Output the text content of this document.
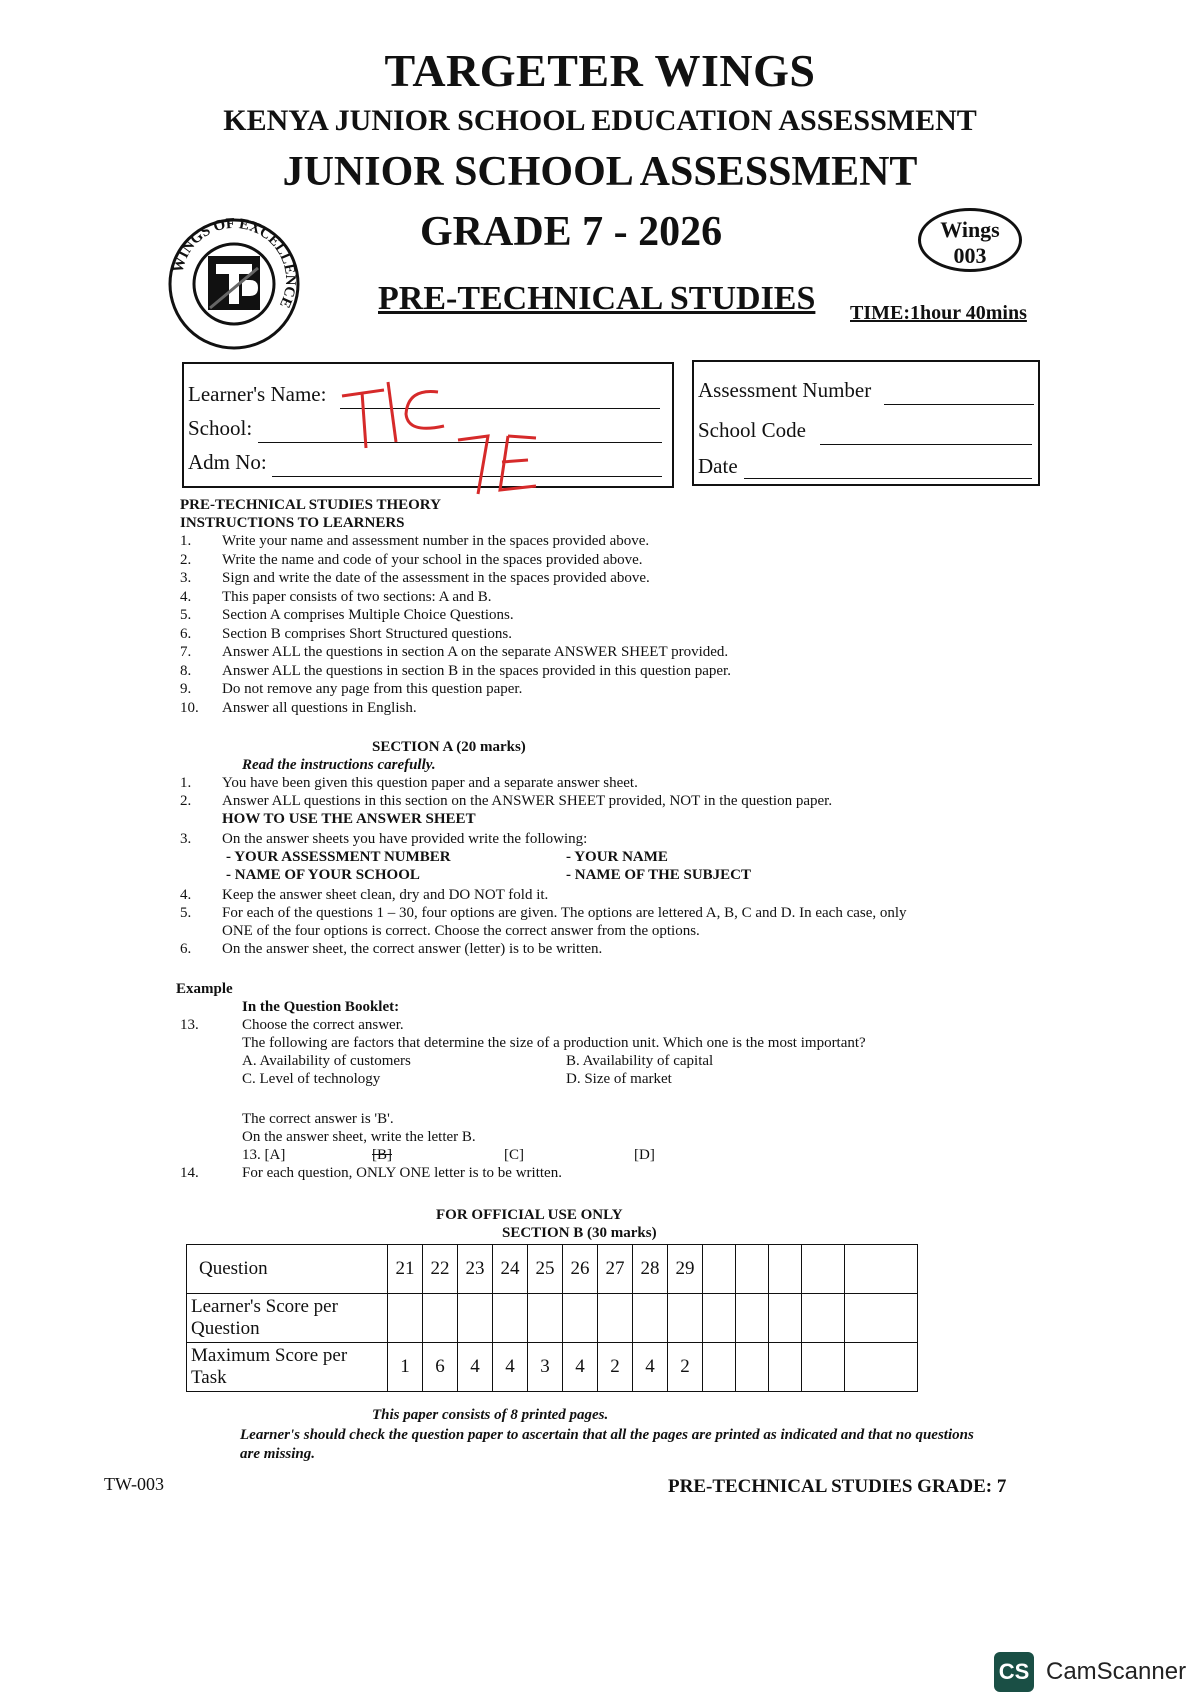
TARGETER WINGS
KENYA JUNIOR SCHOOL EDUCATION ASSESSMENT
JUNIOR SCHOOL ASSESSMENT
GRADE 7 - 2026
WINGS OF EXCELLENCE
Wings
003
PRE-TECHNICAL STUDIES TIME:1hour 40mins
Learner's Name:
School:
Adm No:
TTC 7E	Assessment Number
School Code
Date
PRE-TECHNICAL STUDIES THEORY
INSTRUCTIONS TO LEARNERS
1.	Write your name and assessment number in the spaces provided above.
2.	Write the name and code of your school in the spaces provided above.
3.	Sign and write the date of the assessment in the spaces provided above.
4.	This paper consists of two sections: A and B.
5.	Section A comprises Multiple Choice Questions.
6.	Section B comprises Short Structured questions.
7.	Answer ALL the questions in section A on the separate ANSWER SHEET provided.
8.	Answer ALL the questions in section B in the spaces provided in this question paper.
9.	Do not remove any page from this question paper.
10.	Answer all questions in English.
SECTION A (20 marks)
Read the instructions carefully.
1.	You have been given this question paper and a separate answer sheet.
2.	Answer ALL questions in this section on the ANSWER SHEET provided, NOT in the question paper.
HOW TO USE THE ANSWER SHEET
3.	On the answer sheets you have provided write the following:
- YOUR ASSESSMENT NUMBER	- YOUR NAME
- NAME OF YOUR SCHOOL	- NAME OF THE SUBJECT
4.	Keep the answer sheet clean, dry and DO NOT fold it.
5.	For each of the questions 1 – 30, four options are given. The options are lettered A, B, C and D. In each case, only
ONE of the four options is correct. Choose the correct answer from the options.
6.	On the answer sheet, the correct answer (letter) is to be written.
Example
In the Question Booklet:
13.	Choose the correct answer.
The following are factors that determine the size of a production unit. Which one is the most important?
A. Availability of customers	B. Availability of capital
C. Level of technology	D. Size of market
The correct answer is 'B'.
On the answer sheet, write the letter B.
13. [A]	[B]	[C]	[D]
14.	For each question, ONLY ONE letter is to be written.
FOR OFFICIAL USE ONLY
SECTION B (30 marks)
Question	21	22	23	24	25	26	27	28	29					
Learner's Score per Question														
Maximum Score per Task	1	6	4	4	3	4	2	4	2					
This paper consists of 8 printed pages.
Learner's should check the question paper to ascertain that all the pages are printed as indicated and that no questions are missing.
TW-003	PRE-TECHNICAL STUDIES GRADE: 7
CS CamScanner
